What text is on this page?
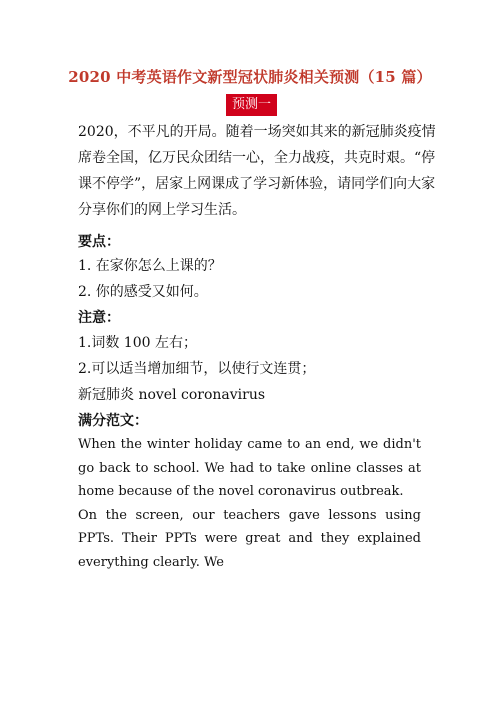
2020 中考英语作文新型冠状肺炎相关预测（15 篇）
预测一
2020，不平凡的开局。随着一场突如其来的新冠肺炎疫情席卷全国，亿万民众团结一心，全力战疫，共克时艰。“停课不停学”，居家上网课成了学习新体验，请同学们向大家分享你们的网上学习生活。
要点：
1. 在家你怎么上课的？
2. 你的感受又如何。
注意：
1.词数 100 左右；
2.可以适当增加细节，以使行文连贯；
新冠肺炎 novel coronavirus
满分范文：

When the winter holiday came to an end, we didn't go back to school. We had to take online classes at home because of the novel coronavirus outbreak.

On the screen, our teachers gave lessons using PPTs. Their PPTs were great and they explained everything clearly. We
